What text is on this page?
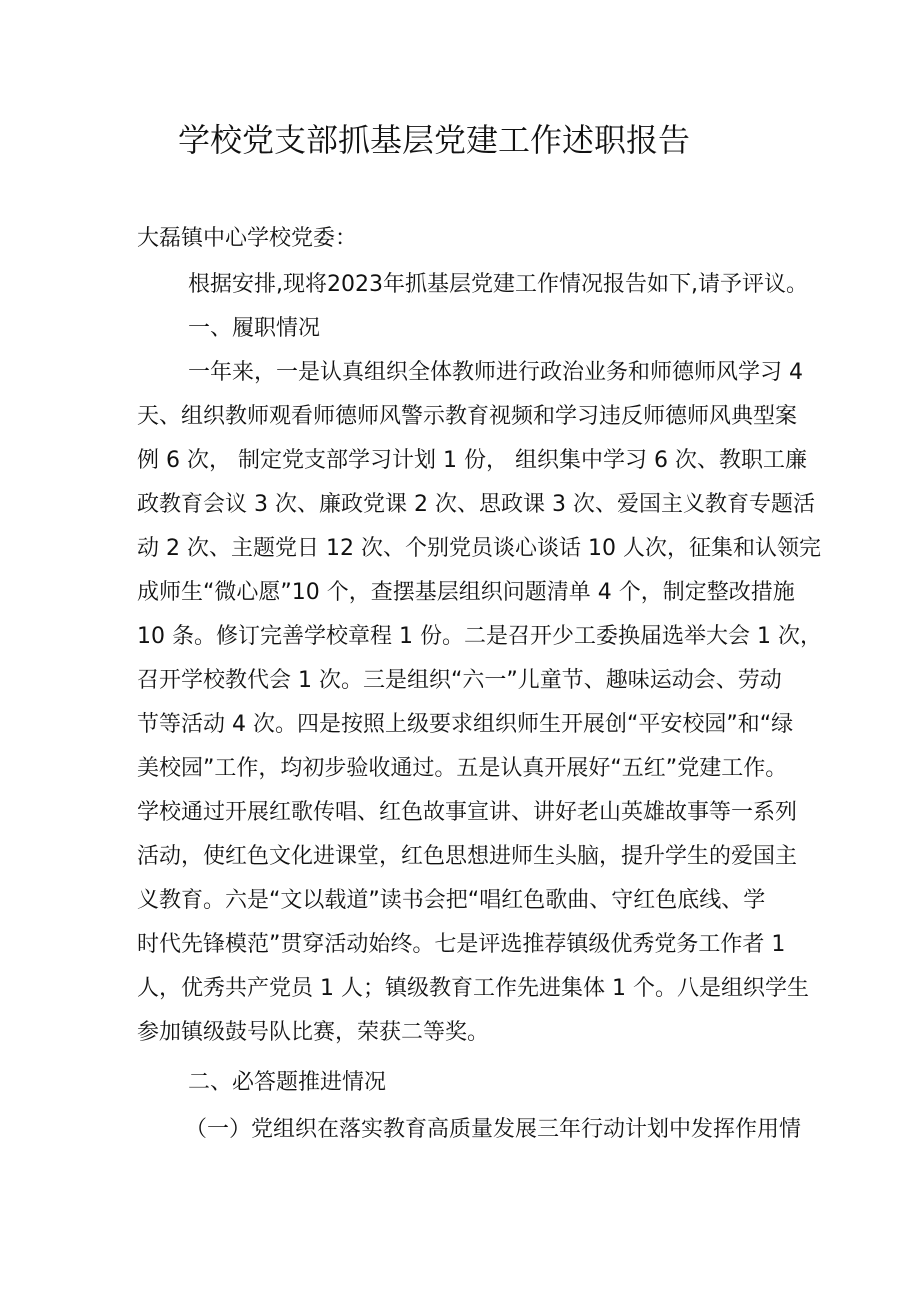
学校党支部抓基层党建工作述职报告
大磊镇中心学校党委：
根据安排,现将2023年抓基层党建工作情况报告如下,请予评议。
一、履职情况
一年来，一是认真组织全体教师进行政治业务和师德师风学习 4
天、组织教师观看师德师风警示教育视频和学习违反师德师风典型案
例 6 次， 制定党支部学习计划 1 份， 组织集中学习 6 次、教职工廉
政教育会议 3 次、廉政党课 2 次、思政课 3 次、爱国主义教育专题活
动 2 次、主题党日 12 次、个别党员谈心谈话 10 人次，征集和认领完
成师生“微心愿”10 个，查摆基层组织问题清单 4 个，制定整改措施
10 条。修订完善学校章程 1 份。二是召开少工委换届选举大会 1 次，
召开学校教代会 1 次。三是组织“六一”儿童节、趣味运动会、劳动
节等活动 4 次。四是按照上级要求组织师生开展创“平安校园”和“绿
美校园”工作，均初步验收通过。五是认真开展好“五红”党建工作。
学校通过开展红歌传唱、红色故事宣讲、讲好老山英雄故事等一系列
活动，使红色文化进课堂，红色思想进师生头脑，提升学生的爱国主
义教育。六是“文以载道”读书会把“唱红色歌曲、守红色底线、学
时代先锋模范”贯穿活动始终。七是评选推荐镇级优秀党务工作者 1
人，优秀共产党员 1 人；镇级教育工作先进集体 1 个。八是组织学生
参加镇级鼓号队比赛，荣获二等奖。
二、必答题推进情况
（一）党组织在落实教育高质量发展三年行动计划中发挥作用情
